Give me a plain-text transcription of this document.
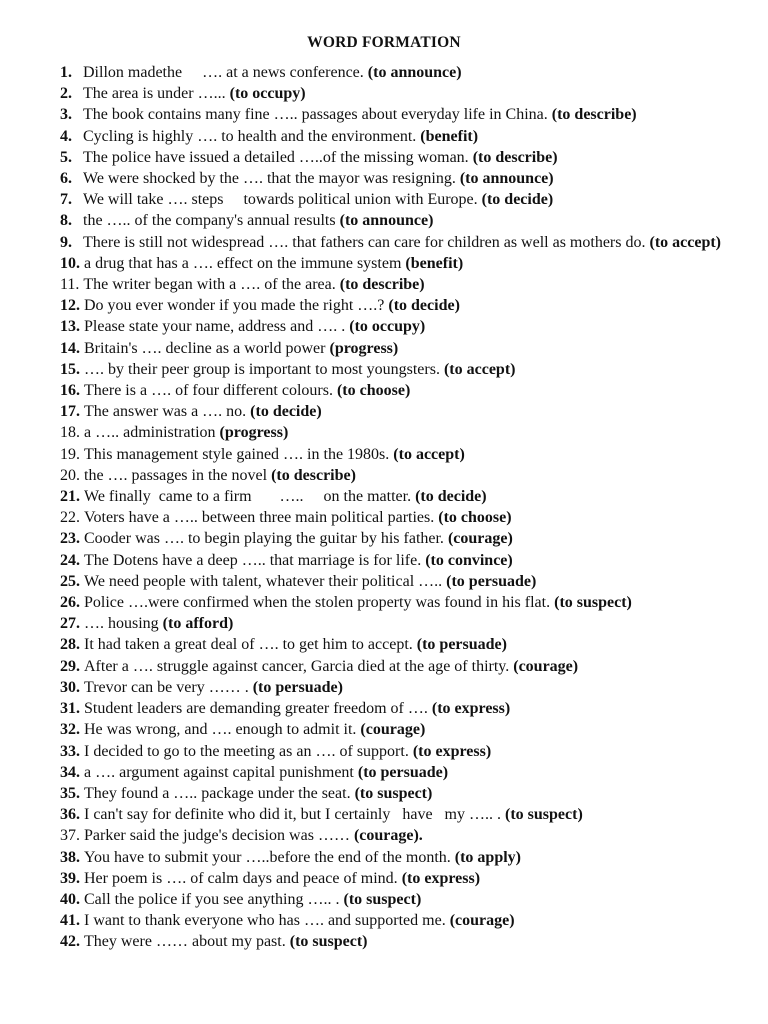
WORD FORMATION
1. Dillon madethe     …. at a news conference. (to announce)
2. The area is under …... (to occupy)
3. The book contains many fine ….. passages about everyday life in China. (to describe)
4. Cycling is highly …. to health and the environment. (benefit)
5. The police have issued a detailed …..of the missing woman. (to describe)
6. We were shocked by the …. that the mayor was resigning. (to announce)
7. We will take …. steps     towards political union with Europe. (to decide)
8. the ….. of the company's annual results (to announce)
9. There is still not widespread …. that fathers can care for children as well as mothers do. (to accept)
10. a drug that has a …. effect on the immune system (benefit)
11. The writer began with a …. of the area. (to describe)
12. Do you ever wonder if you made the right ….? (to decide)
13. Please state your name, address and …. . (to occupy)
14. Britain's …. decline as a world power (progress)
15. …. by their peer group is important to most youngsters. (to accept)
16. There is a …. of four different colours. (to choose)
17. The answer was a …. no. (to decide)
18. a ….. administration (progress)
19. This management style gained …. in the 1980s. (to accept)
20. the …. passages in the novel (to describe)
21. We finally  came to a firm       …..     on the matter. (to decide)
22. Voters have a ….. between three main political parties. (to choose)
23. Cooder was …. to begin playing the guitar by his father. (courage)
24. The Dotens have a deep ….. that marriage is for life. (to convince)
25. We need people with talent, whatever their political ….. (to persuade)
26. Police ….were confirmed when the stolen property was found in his flat. (to suspect)
27. …. housing (to afford)
28. It had taken a great deal of …. to get him to accept. (to persuade)
29. After a …. struggle against cancer, Garcia died at the age of thirty. (courage)
30. Trevor can be very …… . (to persuade)
31. Student leaders are demanding greater freedom of …. (to express)
32. He was wrong, and …. enough to admit it. (courage)
33. I decided to go to the meeting as an …. of support. (to express)
34. a …. argument against capital punishment (to persuade)
35. They found a ….. package under the seat. (to suspect)
36. I can't say for definite who did it, but I certainly   have   my ….. . (to suspect)
37. Parker said the judge's decision was …… (courage).
38. You have to submit your …..before the end of the month. (to apply)
39. Her poem is …. of calm days and peace of mind. (to express)
40. Call the police if you see anything ….. . (to suspect)
41. I want to thank everyone who has …. and supported me. (courage)
42. They were …… about my past. (to suspect)
